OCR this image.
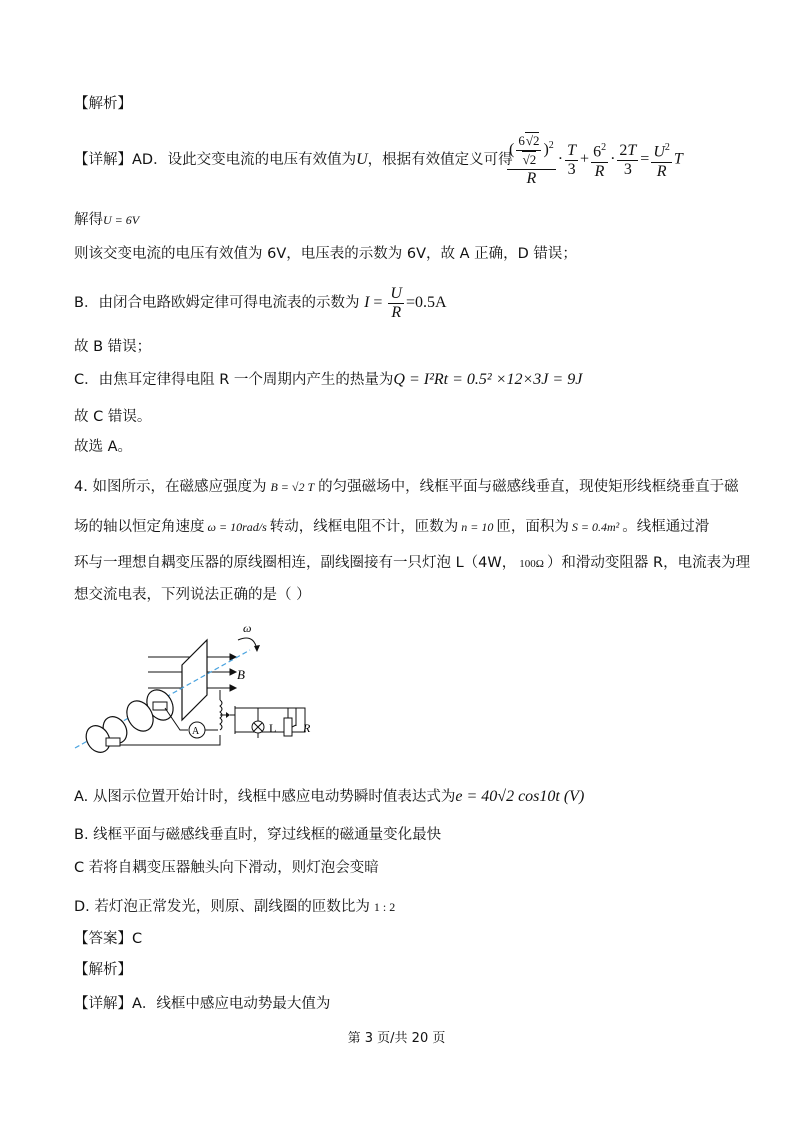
【解析】
【详解】AD．设此交变电流的电压有效值为U，根据有效值定义可得
$\frac{( \frac{6√2}{√2} )^2}{R} \cdot \frac{T}{3} + \frac{6^2}{R} \cdot \frac{2T}{3} = \frac{U^2}{R}$ T
解得U = 6V
则该交变电流的电压有效值为 6V，电压表的示数为 6V，故 A 正确，D 错误；
B．由闭合电路欧姆定律可得电流表的示数为 $I = \frac{U}{R} =0.5A$
故 B 错误；
C．由焦耳定律得电阻 R 一个周期内产生的热量为Q = I²Rt = 0.5² ×12×3J = 9J
故 C 错误。
故选 A。
4. 如图所示，在磁感应强度为 B = √2 T 的匀强磁场中，线框平面与磁感线垂直，现使矩形线框绕垂直于磁
场的轴以恒定角速度 ω = 10rad/s 转动，线框电阻不计，匝数为 n = 10 匝，面积为 S = 0.4m² 。线框通过滑
环与一理想自耦变压器的原线圈相连，副线圈接有一只灯泡 L（4W， 100Ω ）和滑动变阻器 R，电流表为理
想交流电表，下列说法正确的是（ ）
ω
B
A	L R
A. 从图示位置开始计时，线框中感应电动势瞬时值表达式为e = 40√2 cos10t (V)
B. 线框平面与磁感线垂直时，穿过线框的磁通量变化最快
C 若将自耦变压器触头向下滑动，则灯泡会变暗
D. 若灯泡正常发光，则原、副线圈的匝数比为 1 : 2
【答案】C
【解析】
【详解】A．线框中感应电动势最大值为
第 3 页/共 20 页
